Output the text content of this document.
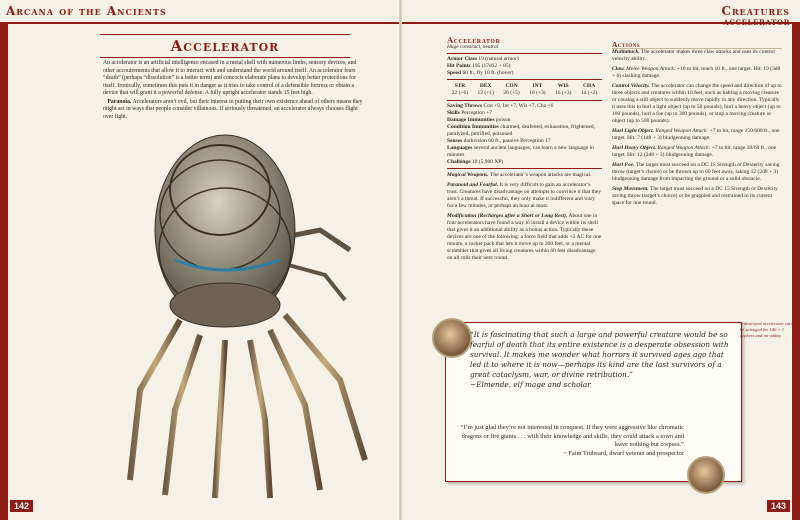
Arcana of the Ancients	Creatures
ACCELERATOR
Accelerator

An accelerator is an artificial intelligence encased in a metal shell with numerous limbs, sensory devices, and other accoutrements that allow it to interact with and understand the world around itself. An accelerator fears “death” (perhaps “dissolution” is a better term) and concocts elaborate plans to develop better protections for itself. Ironically, sometimes this puts it in danger as it tries to take control of a defensible fortress or obtain a device that will grant it a powerful defense. A fully upright accelerator stands 15 feet high.

Paranoia. Accelerators aren’t evil, but their interest in putting their own existence ahead of others means they might act in ways that people consider villainous. If seriously threatened, an accelerator always chooses flight over fight.

Accelerator
Huge construct, neutral
Armor Class 19 (natural armor)
Hit Points 195 (17d12 + 85)
Speed 60 ft., fly 10 ft. (hover)
STR	DEX	CON	INT	WIS	CHA
22 (+6)	12 (+1)	20 (+5)	16 (+3)	16 (+3)	14 (+2)
Saving Throws Con +9, Int +7, Wis +7, Cha +6
Skills Perception +7
Damage Immunities poison
Condition Immunities charmed, deafened, exhaustion, frightened, paralyzed, petrified, poisoned
Senses darkvision 60 ft., passive Perception 17
Languages several ancient languages, can learn a new language in minutes
Challenge 10 (5,900 XP)

Magical Weapons. The accelerator’s weapon attacks are magical.

Paranoid and Fearful. It is very difficult to gain an accelerator’s trust. Creatures have disadvantage on attempts to convince it that they aren’t a threat. If successful, they only make it indifferent and wary for a few minutes, or perhaps an hour at most.

Modification (Recharges after a Short or Long Rest). About one in four accelerators have found a way to install a device within its shell that gives it an additional ability as a bonus action. Typically these devices are one of the following: a force field that adds +2 AC for one minute, a rocket pack that lets it move up to 300 feet, or a mental scrambler that gives all living creatures within 60 feet disadvantage on all rolls their next round.

Actions

Multiattack. The accelerator makes three claw attacks and uses its control velocity ability.

Claw. Melee Weapon Attack: +10 to hit, reach 10 ft., one target. Hit: 19 (3d8 + 6) slashing damage.

Control Velocity. The accelerator can change the speed and direction of up to three objects and creatures within 10 feet, such as halting a moving creature or causing a still object to suddenly move rapidly in any direction. Typically it uses this to hurl a light object (up to 50 pounds), hurl a heavy object (up to 100 pounds), hurl a foe (up to 300 pounds), or stop a moving creature or object (up to 500 pounds).

Hurl Light Object. Ranged Weapon Attack: +7 to hit, range 150/600 ft., one target. Hit: 7 (1d8 + 3) bludgeoning damage.

Hurl Heavy Object. Ranged Weapon Attack: +7 to hit, range 30/60 ft., one target. Hit: 12 (2d8 + 3) bludgeoning damage.

Hurl Foe. The target must succeed on a DC 15 Strength or Dexterity saving throw (target’s choice) or be thrown up to 60 feet away, taking 12 (2d8 + 3) bludgeoning damage from impacting the ground or a solid obstacle.

Stop Movement. The target must succeed on a DC 15 Strength or Dexterity saving throw (target’s choice) or be grappled and restrained in its current space for one round.

“It is fascinating that such a large and powerful creature would be so fearful of death that its entire existence is a desperate obsession with survival. It makes me wonder what horrors it survived ages ago that led it to where it is now—perhaps its kind are the last survivors of a great cataclysm, war, or divine retribution.”
~Elmende, elf mage and scholar
“I’m just glad they’re not interested in conquest. If they were aggressive like chromatic dragons or fire giants . . . with their knowledge and skills, they could attack a town and leave nothing but corpses.”
~ Faim Trubeard, dwarf veteran and prospector
A destroyed accelerator can be salvaged for 1d6 + 1 cyphers and an oddity.
142	143
